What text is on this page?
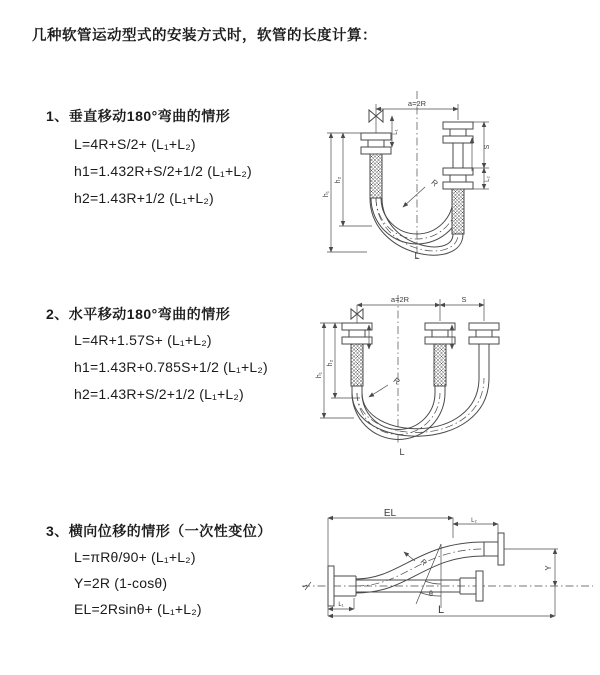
几种软管运动型式的安装方式时，软管的长度计算：
1、垂直移动180°弯曲的情形
L=4R+S/2+ (L₁+L₂)
h1=1.432R+S/2+1/2 (L₁+L₂)
h2=1.43R+1/2 (L₁+L₂)
2、水平移动180°弯曲的情形
L=4R+1.57S+ (L₁+L₂)
h1=1.43R+0.785S+1/2 (L₁+L₂)
h2=1.43R+S/2+1/2 (L₁+L₂)
3、横向位移的情形（一次性变位）
L=πRθ/90+ (L₁+L₂)
Y=2R (1-cosθ)
EL=2Rsinθ+ (L₁+L₂)
a=2R
S
L₂
h₂
h₁
L₁
R
L
a=2R	S
h₂
h₁
R
L
θ
R
EL
L₂
Y
L₁	L
